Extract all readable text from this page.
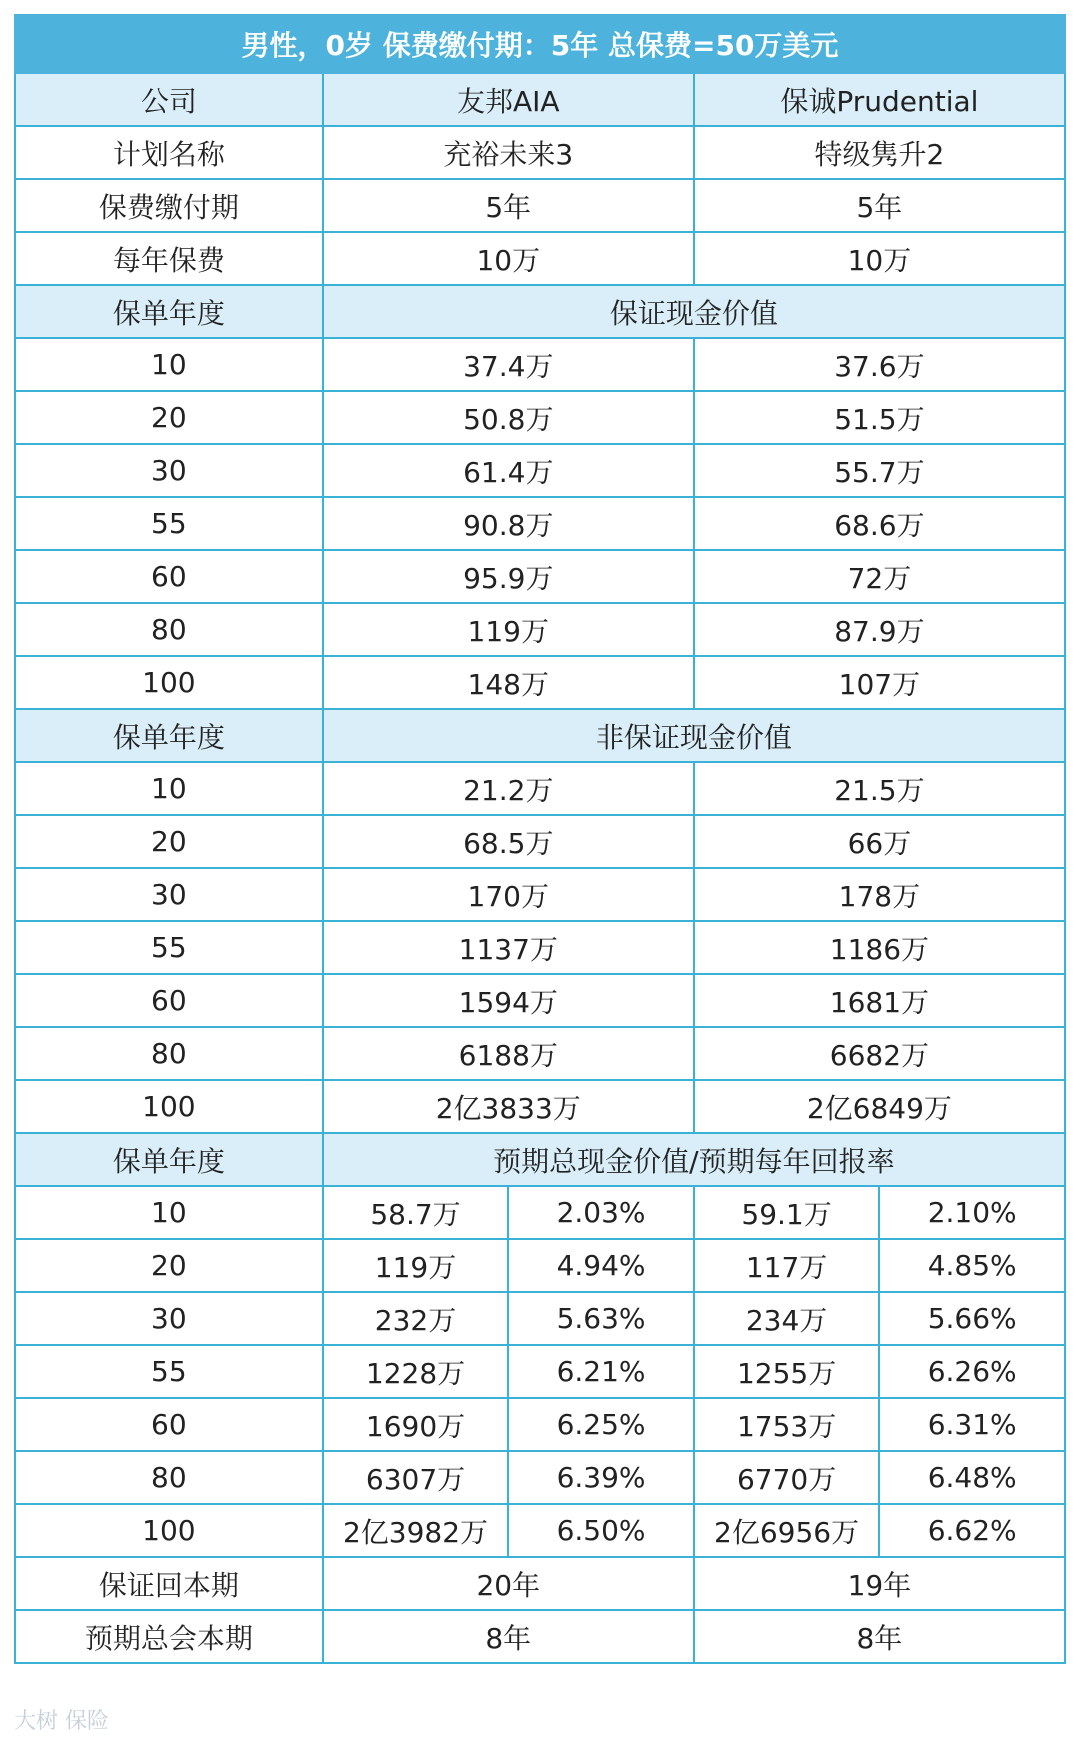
男性，0岁 保费缴付期：5年 总保费=50万美元				
公司	友邦AIA		保诚Prudential	
计划名称	充裕未来3		特级隽升2	
保费缴付期	5年		5年	
每年保费	10万		10万	
保单年度	保证现金价值			
10	37.4万		37.6万	
20	50.8万		51.5万	
30	61.4万		55.7万	
55	90.8万		68.6万	
60	95.9万		72万	
80	119万		87.9万	
100	148万		107万	
保单年度	非保证现金价值			
10	21.2万		21.5万	
20	68.5万		66万	
30	170万		178万	
55	1137万		1186万	
60	1594万		1681万	
80	6188万		6682万	
100	2亿3833万		2亿6849万	
保单年度	预期总现金价值/预期每年回报率			
10	58.7万	2.03%	59.1万	2.10%
20	119万	4.94%	117万	4.85%
30	232万	5.63%	234万	5.66%
55	1228万	6.21%	1255万	6.26%
60	1690万	6.25%	1753万	6.31%
80	6307万	6.39%	6770万	6.48%
100	2亿3982万	6.50%	2亿6956万	6.62%
保证回本期	20年		19年	
预期总会本期	8年		8年	
大树 保险
